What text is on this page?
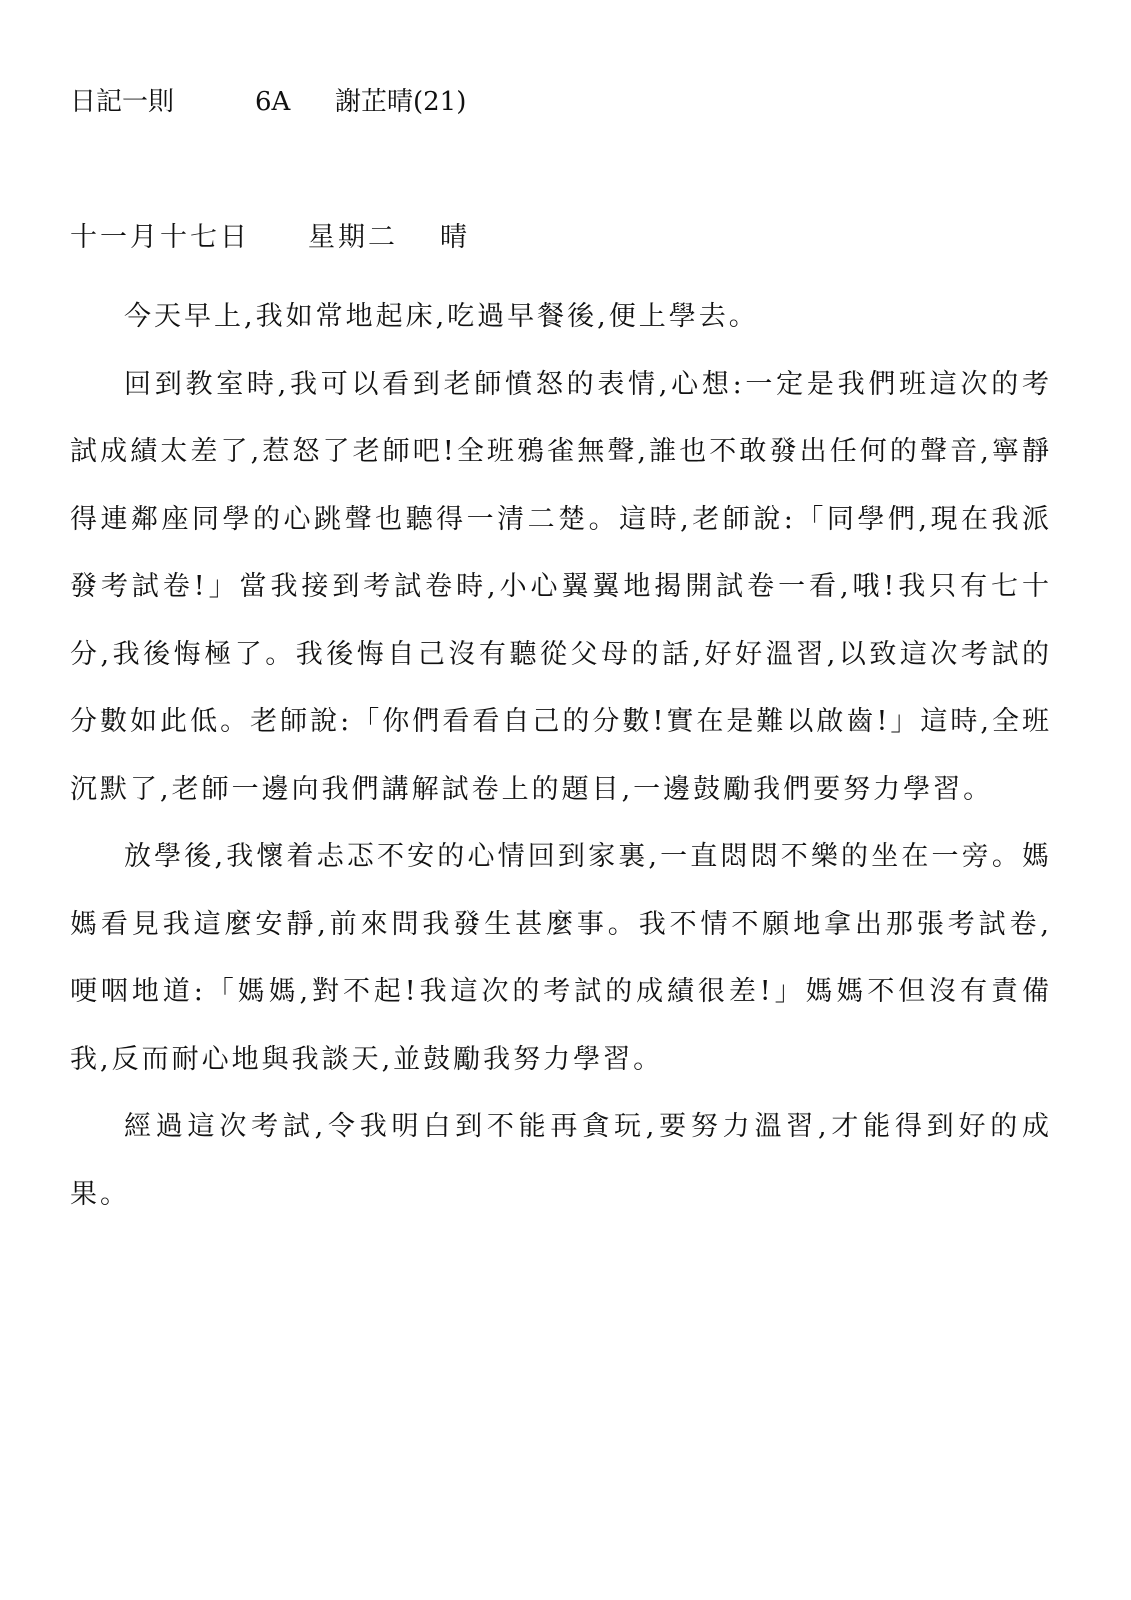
日記一則	6A 謝芷晴(21)
十一月十七日 星期二 晴

今天早上,我如常地起床,吃過早餐後,便上學去。

回到教室時,我可以看到老師憤怒的表情,心想:一定是我們班這次的考試成績太差了,惹怒了老師吧!全班鴉雀無聲,誰也不敢發出任何的聲音,寧靜得連鄰座同學的心跳聲也聽得一清二楚。這時,老師說:「同學們,現在我派發考試卷!」當我接到考試卷時,小心翼翼地揭開試卷一看,哦!我只有七十分,我後悔極了。我後悔自己沒有聽從父母的話,好好溫習,以致這次考試的分數如此低。老師說:「你們看看自己的分數!實在是難以啟齒!」這時,全班沉默了,老師一邊向我們講解試卷上的題目,一邊鼓勵我們要努力學習。

放學後,我懷着忐忑不安的心情回到家裏,一直悶悶不樂的坐在一旁。媽媽看見我這麼安靜,前來問我發生甚麼事。我不情不願地拿出那張考試卷,哽咽地道:「媽媽,對不起!我這次的考試的成績很差!」媽媽不但沒有責備我,反而耐心地與我談天,並鼓勵我努力學習。

經過這次考試,令我明白到不能再貪玩,要努力溫習,才能得到好的成果。
